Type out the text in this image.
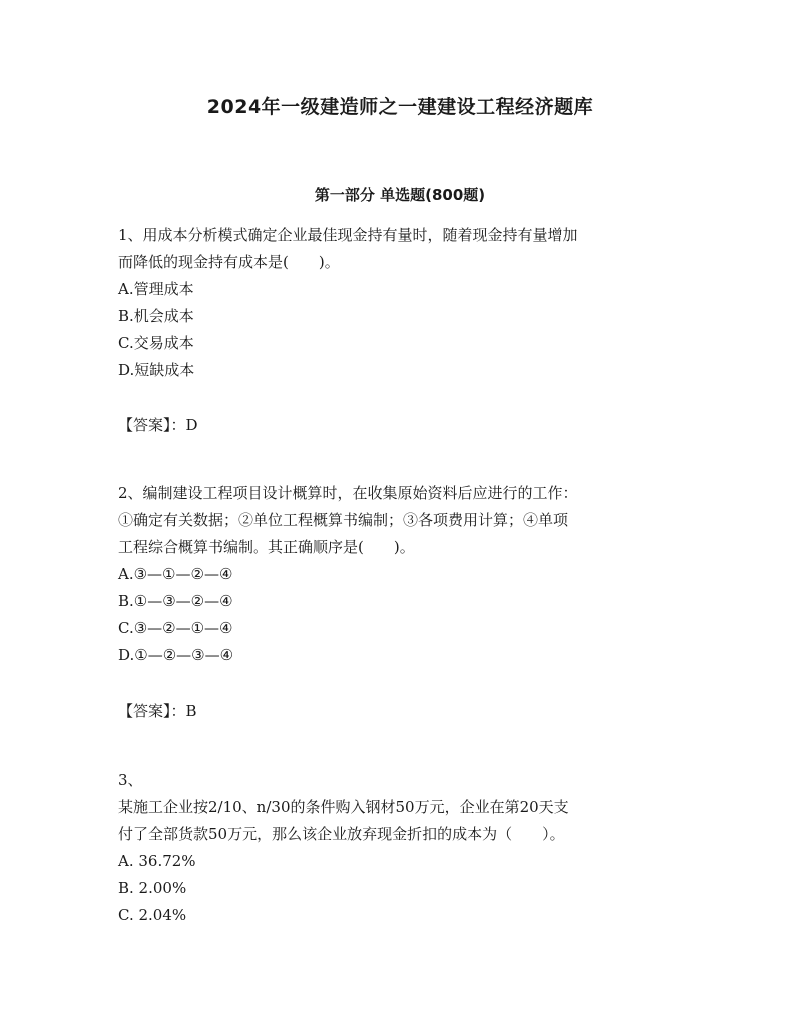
2024年一级建造师之一建建设工程经济题库
第一部分 单选题(800题)
1、用成本分析模式确定企业最佳现金持有量时，随着现金持有量增加
而降低的现金持有成本是(　　)。
A.管理成本
B.机会成本
C.交易成本
D.短缺成本
【答案】：D
2、编制建设工程项目设计概算时，在收集原始资料后应进行的工作：
①确定有关数据；②单位工程概算书编制；③各项费用计算；④单项
工程综合概算书编制。其正确顺序是(　　)。
A.③—①—②—④
B.①—③—②—④
C.③—②—①—④
D.①—②—③—④
【答案】：B
3、
某施工企业按2/10、n/30的条件购入钢材50万元，企业在第20天支
付了全部货款50万元，那么该企业放弃现金折扣的成本为（　　）。
A. 36.72%
B. 2.00%
C. 2.04%
